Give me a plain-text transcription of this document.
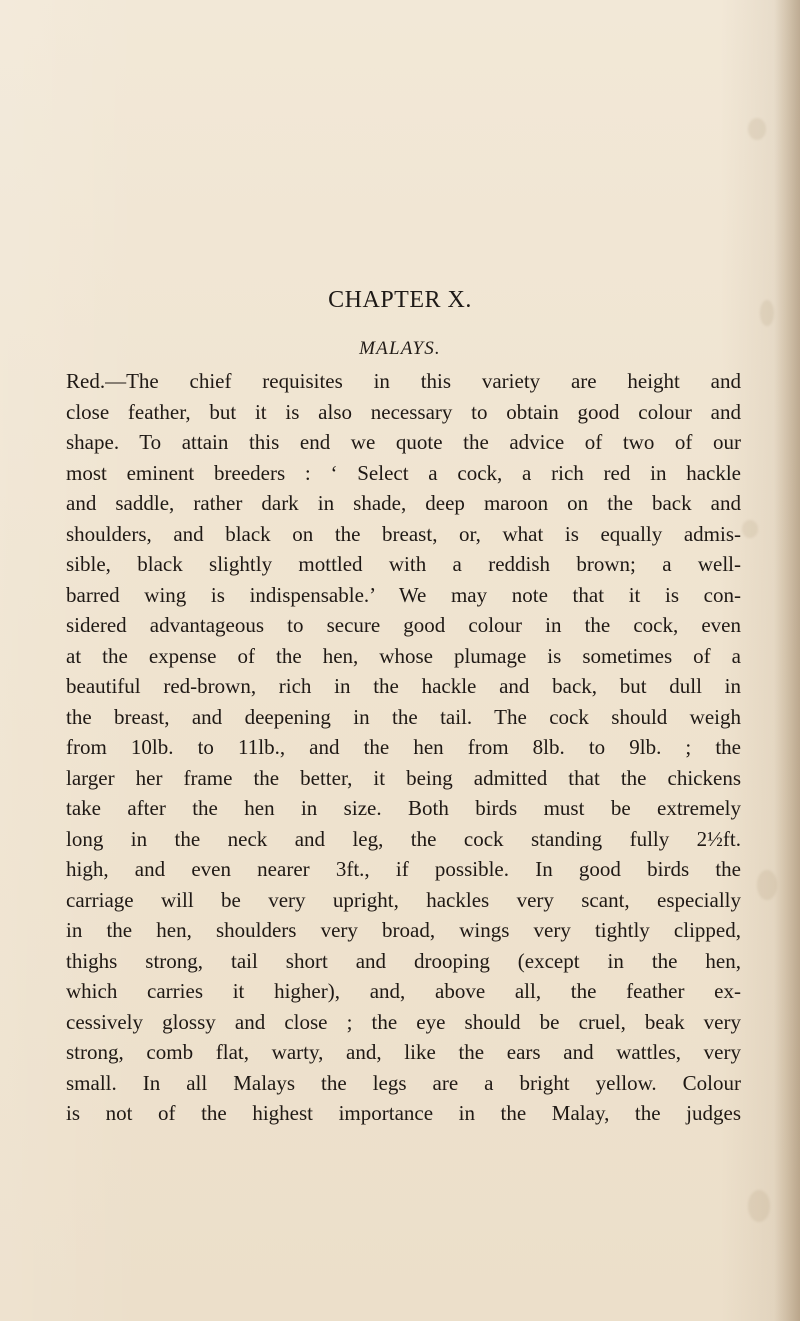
CHAPTER X.
MALAYS.
Red.—The chief requisites in this variety are height and
close feather, but it is also necessary to obtain good colour and
shape. To attain this end we quote the advice of two of our
most eminent breeders : ‘ Select a cock, a rich red in hackle
and saddle, rather dark in shade, deep maroon on the back and
shoulders, and black on the breast, or, what is equally admis-
sible, black slightly mottled with a reddish brown; a well-
barred wing is indispensable.’ We may note that it is con-
sidered advantageous to secure good colour in the cock, even
at the expense of the hen, whose plumage is sometimes of a
beautiful red-brown, rich in the hackle and back, but dull in
the breast, and deepening in the tail. The cock should weigh
from 10lb. to 11lb., and the hen from 8lb. to 9lb. ; the
larger her frame the better, it being admitted that the chickens
take after the hen in size. Both birds must be extremely
long in the neck and leg, the cock standing fully 2½ft.
high, and even nearer 3ft., if possible. In good birds the
carriage will be very upright, hackles very scant, especially
in the hen, shoulders very broad, wings very tightly clipped,
thighs strong, tail short and drooping (except in the hen,
which carries it higher), and, above all, the feather ex-
cessively glossy and close ; the eye should be cruel, beak very
strong, comb flat, warty, and, like the ears and wattles, very
small. In all Malays the legs are a bright yellow. Colour
is not of the highest importance in the Malay, the judges
